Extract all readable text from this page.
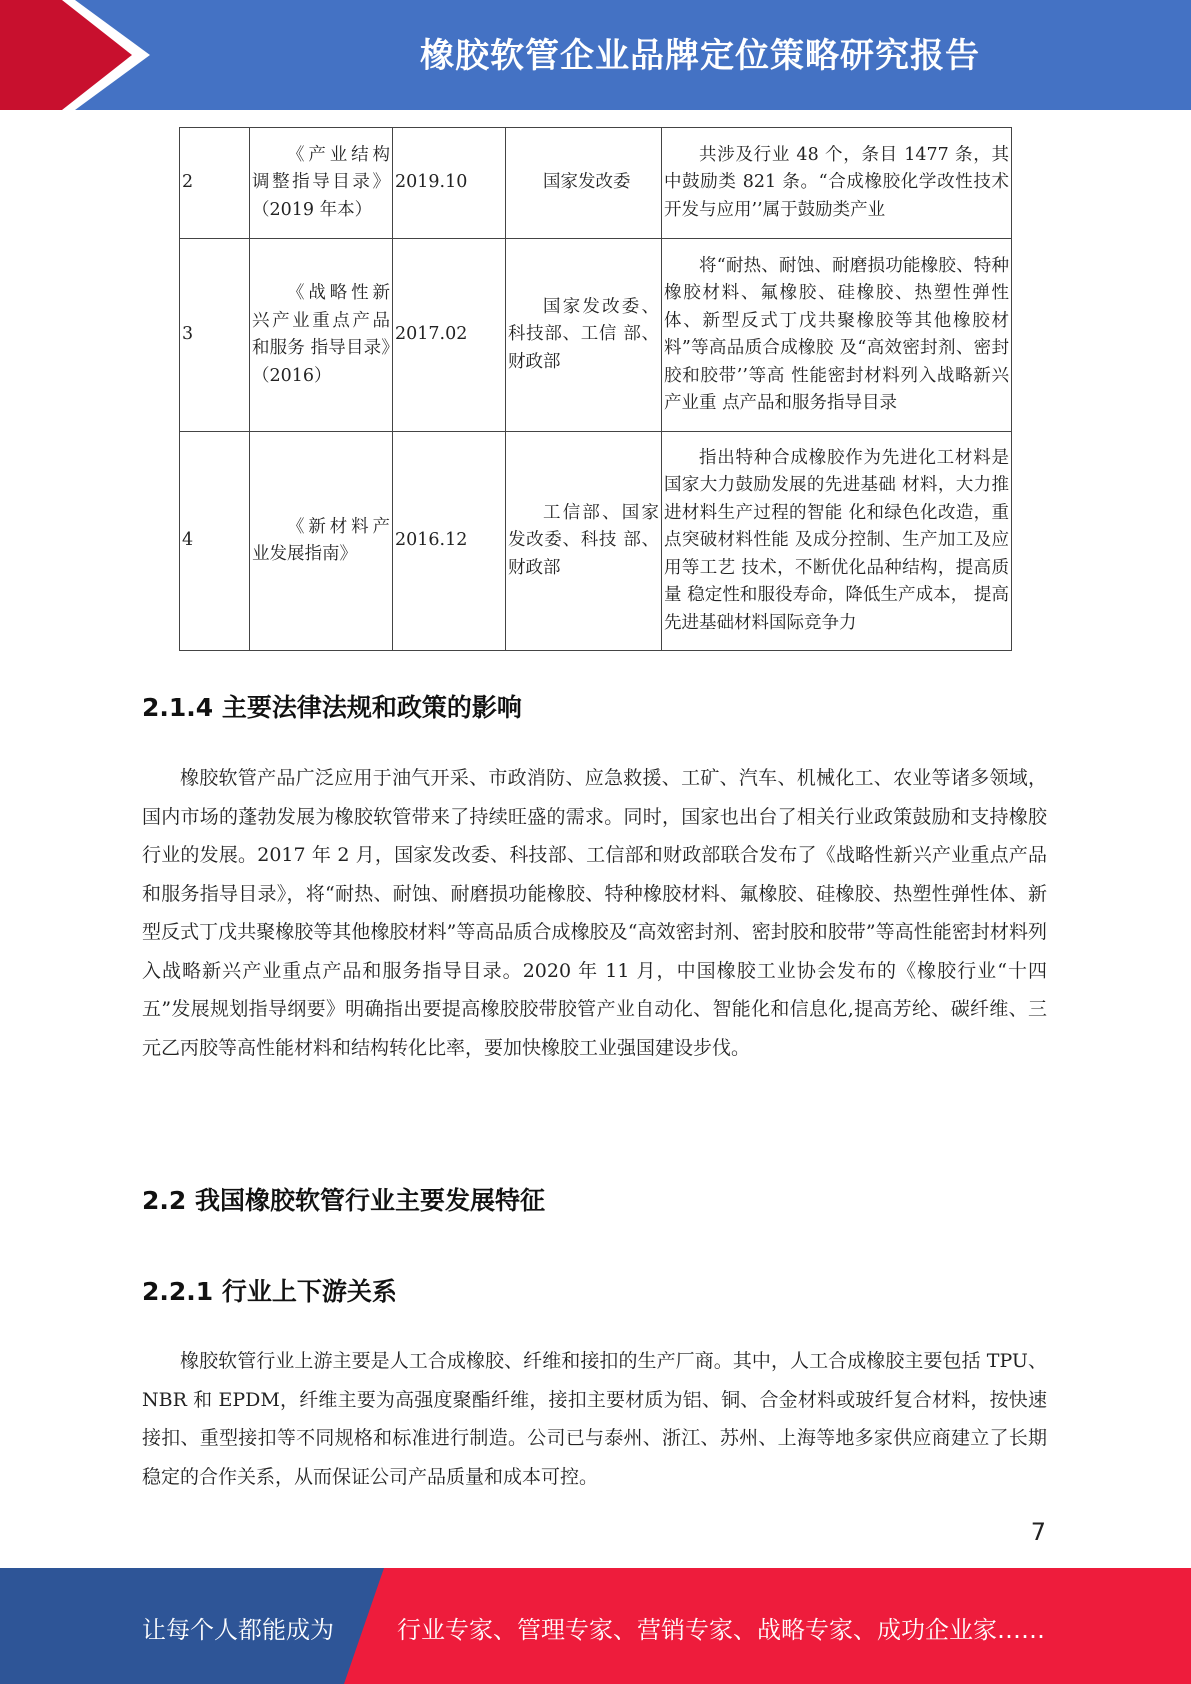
橡胶软管企业品牌定位策略研究报告
2	《产业结构 调整指导目录》（2019 年本）	2019.10	国家发改委	共涉及行业 48 个，条目 1477 条，其 中鼓励类 821 条。“合成橡胶化学改性技术开发与应用’’属于鼓励类产业
3	《战略性新 兴产业重点产品和服务 指导目录》（2016）	2017.02	国家发改委、科技部、工信 部、财政部	将“耐热、耐蚀、耐磨损功能橡胶、特种橡胶材料、氟橡胶、硅橡胶、热塑性弹性体、新型反式丁戊共聚橡胶等其他橡胶材料”等高品质合成橡胶 及“高效密封剂、密封胶和胶带’’等高 性能密封材料列入战略新兴产业重 点产品和服务指导目录
4	《新材料产 业发展指南》	2016.12	工信部、国家发改委、科技 部、财政部	指出特种合成橡胶作为先进化工材料是国家大力鼓励发展的先进基础 材料，大力推进材料生产过程的智能 化和绿色化改造，重点突破材料性能 及成分控制、生产加工及应用等工艺 技术，不断优化品种结构，提高质量 稳定性和服役寿命，降低生产成本， 提高先进基础材料国际竞争力
2.1.4 主要法律法规和政策的影响

橡胶软管产品广泛应用于油气开采、市政消防、应急救援、工矿、汽车、机械化工、农业等诸多领域，国内市场的蓬勃发展为橡胶软管带来了持续旺盛的需求。同时，国家也出台了相关行业政策鼓励和支持橡胶行业的发展。2017 年 2 月，国家发改委、科技部、工信部和财政部联合发布了《战略性新兴产业重点产品和服务指导目录》，将“耐热、耐蚀、耐磨损功能橡胶、特种橡胶材料、氟橡胶、硅橡胶、热塑性弹性体、新型反式丁戊共聚橡胶等其他橡胶材料”等高品质合成橡胶及“高效密封剂、密封胶和胶带”等高性能密封材料列入战略新兴产业重点产品和服务指导目录。2020 年 11 月，中国橡胶工业协会发布的《橡胶行业“十四五”发展规划指导纲要》明确指出要提高橡胶胶带胶管产业自动化、智能化和信息化,提高芳纶、碳纤维、三元乙丙胶等高性能材料和结构转化比率，要加快橡胶工业强国建设步伐。

2.2 我国橡胶软管行业主要发展特征
2.2.1 行业上下游关系

橡胶软管行业上游主要是人工合成橡胶、纤维和接扣的生产厂商。其中，人工合成橡胶主要包括 TPU、NBR 和 EPDM，纤维主要为高强度聚酯纤维，接扣主要材质为铝、铜、合金材料或玻纤复合材料，按快速接扣、重型接扣等不同规格和标准进行制造。公司已与泰州、浙江、苏州、上海等地多家供应商建立了长期稳定的合作关系，从而保证公司产品质量和成本可控。

7
让每个人都能成为	行业专家、管理专家、营销专家、战略专家、成功企业家……
